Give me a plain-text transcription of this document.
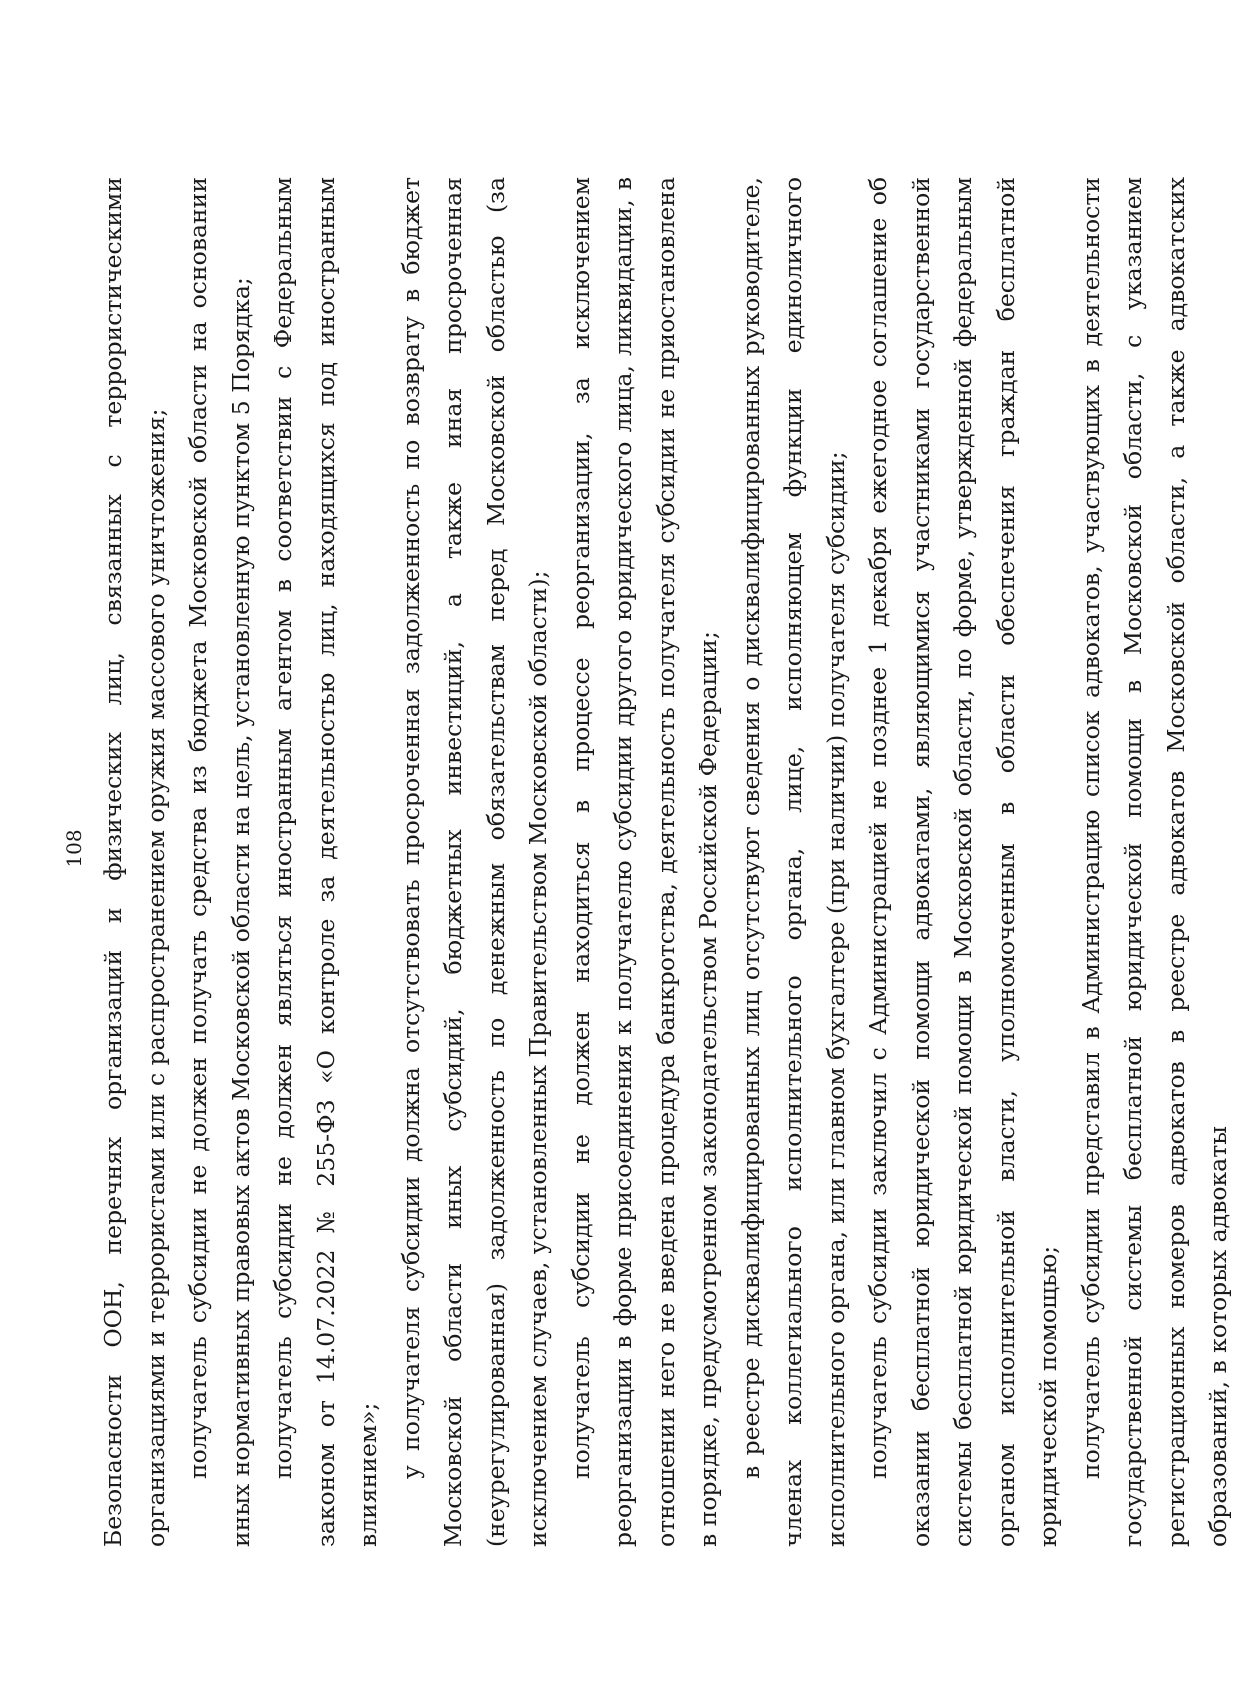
108 Безопасности ООН, перечнях организаций и физических лиц, связанных с террористическими организациями и террористами или с распространением оружия массового уничтожения; получатель субсидии не должен получать средства из бюджета Московской области на основании иных нормативных правовых актов Московской области на цель, установленную пунктом 5 Порядка; получатель субсидии не должен являться иностранным агентом в соответствии с Федеральным законом от 14.07.2022 № 255-ФЗ «О контроле за деятельностью лиц, находящихся под иностранным влиянием»; у получателя субсидии должна отсутствовать просроченная задолженность по возврату в бюджет Московской области иных субсидий, бюджетных инвестиций, а также иная просроченная (неурегулированная) задолженность по денежным обязательствам перед Московской областью (за исключением случаев, установленных Правительством Московской области); получатель субсидии не должен находиться в процессе реорганизации, за исключением реорганизации в форме присоединения к получателю субсидии другого юридического лица, ликвидации, в отношении него не введена процедура банкротства, деятельность получателя субсидии не приостановлена в порядке, предусмотренном законодательством Российской Федерации; в реестре дисквалифицированных лиц отсутствуют сведения о дисквалифицированных руководителе, членах коллегиального исполнительного органа, лице, исполняющем функции единоличного исполнительного органа, или главном бухгалтере (при наличии) получателя субсидии; получатель субсидии заключил с Администрацией не позднее 1 декабря ежегодное соглашение об оказании бесплатной юридической помощи адвокатами, являющимися участниками государственной системы бесплатной юридической помощи в Московской области, по форме, утвержденной федеральным органом исполнительной власти, уполномоченным в области обеспечения граждан бесплатной юридической помощью; получатель субсидии представил в Администрацию список адвокатов, участвующих в деятельности государственной системы бесплатной юридической помощи в Московской области, с указанием регистрационных номеров адвокатов в реестре адвокатов Московской области, а также адвокатских образований, в которых адвокаты
